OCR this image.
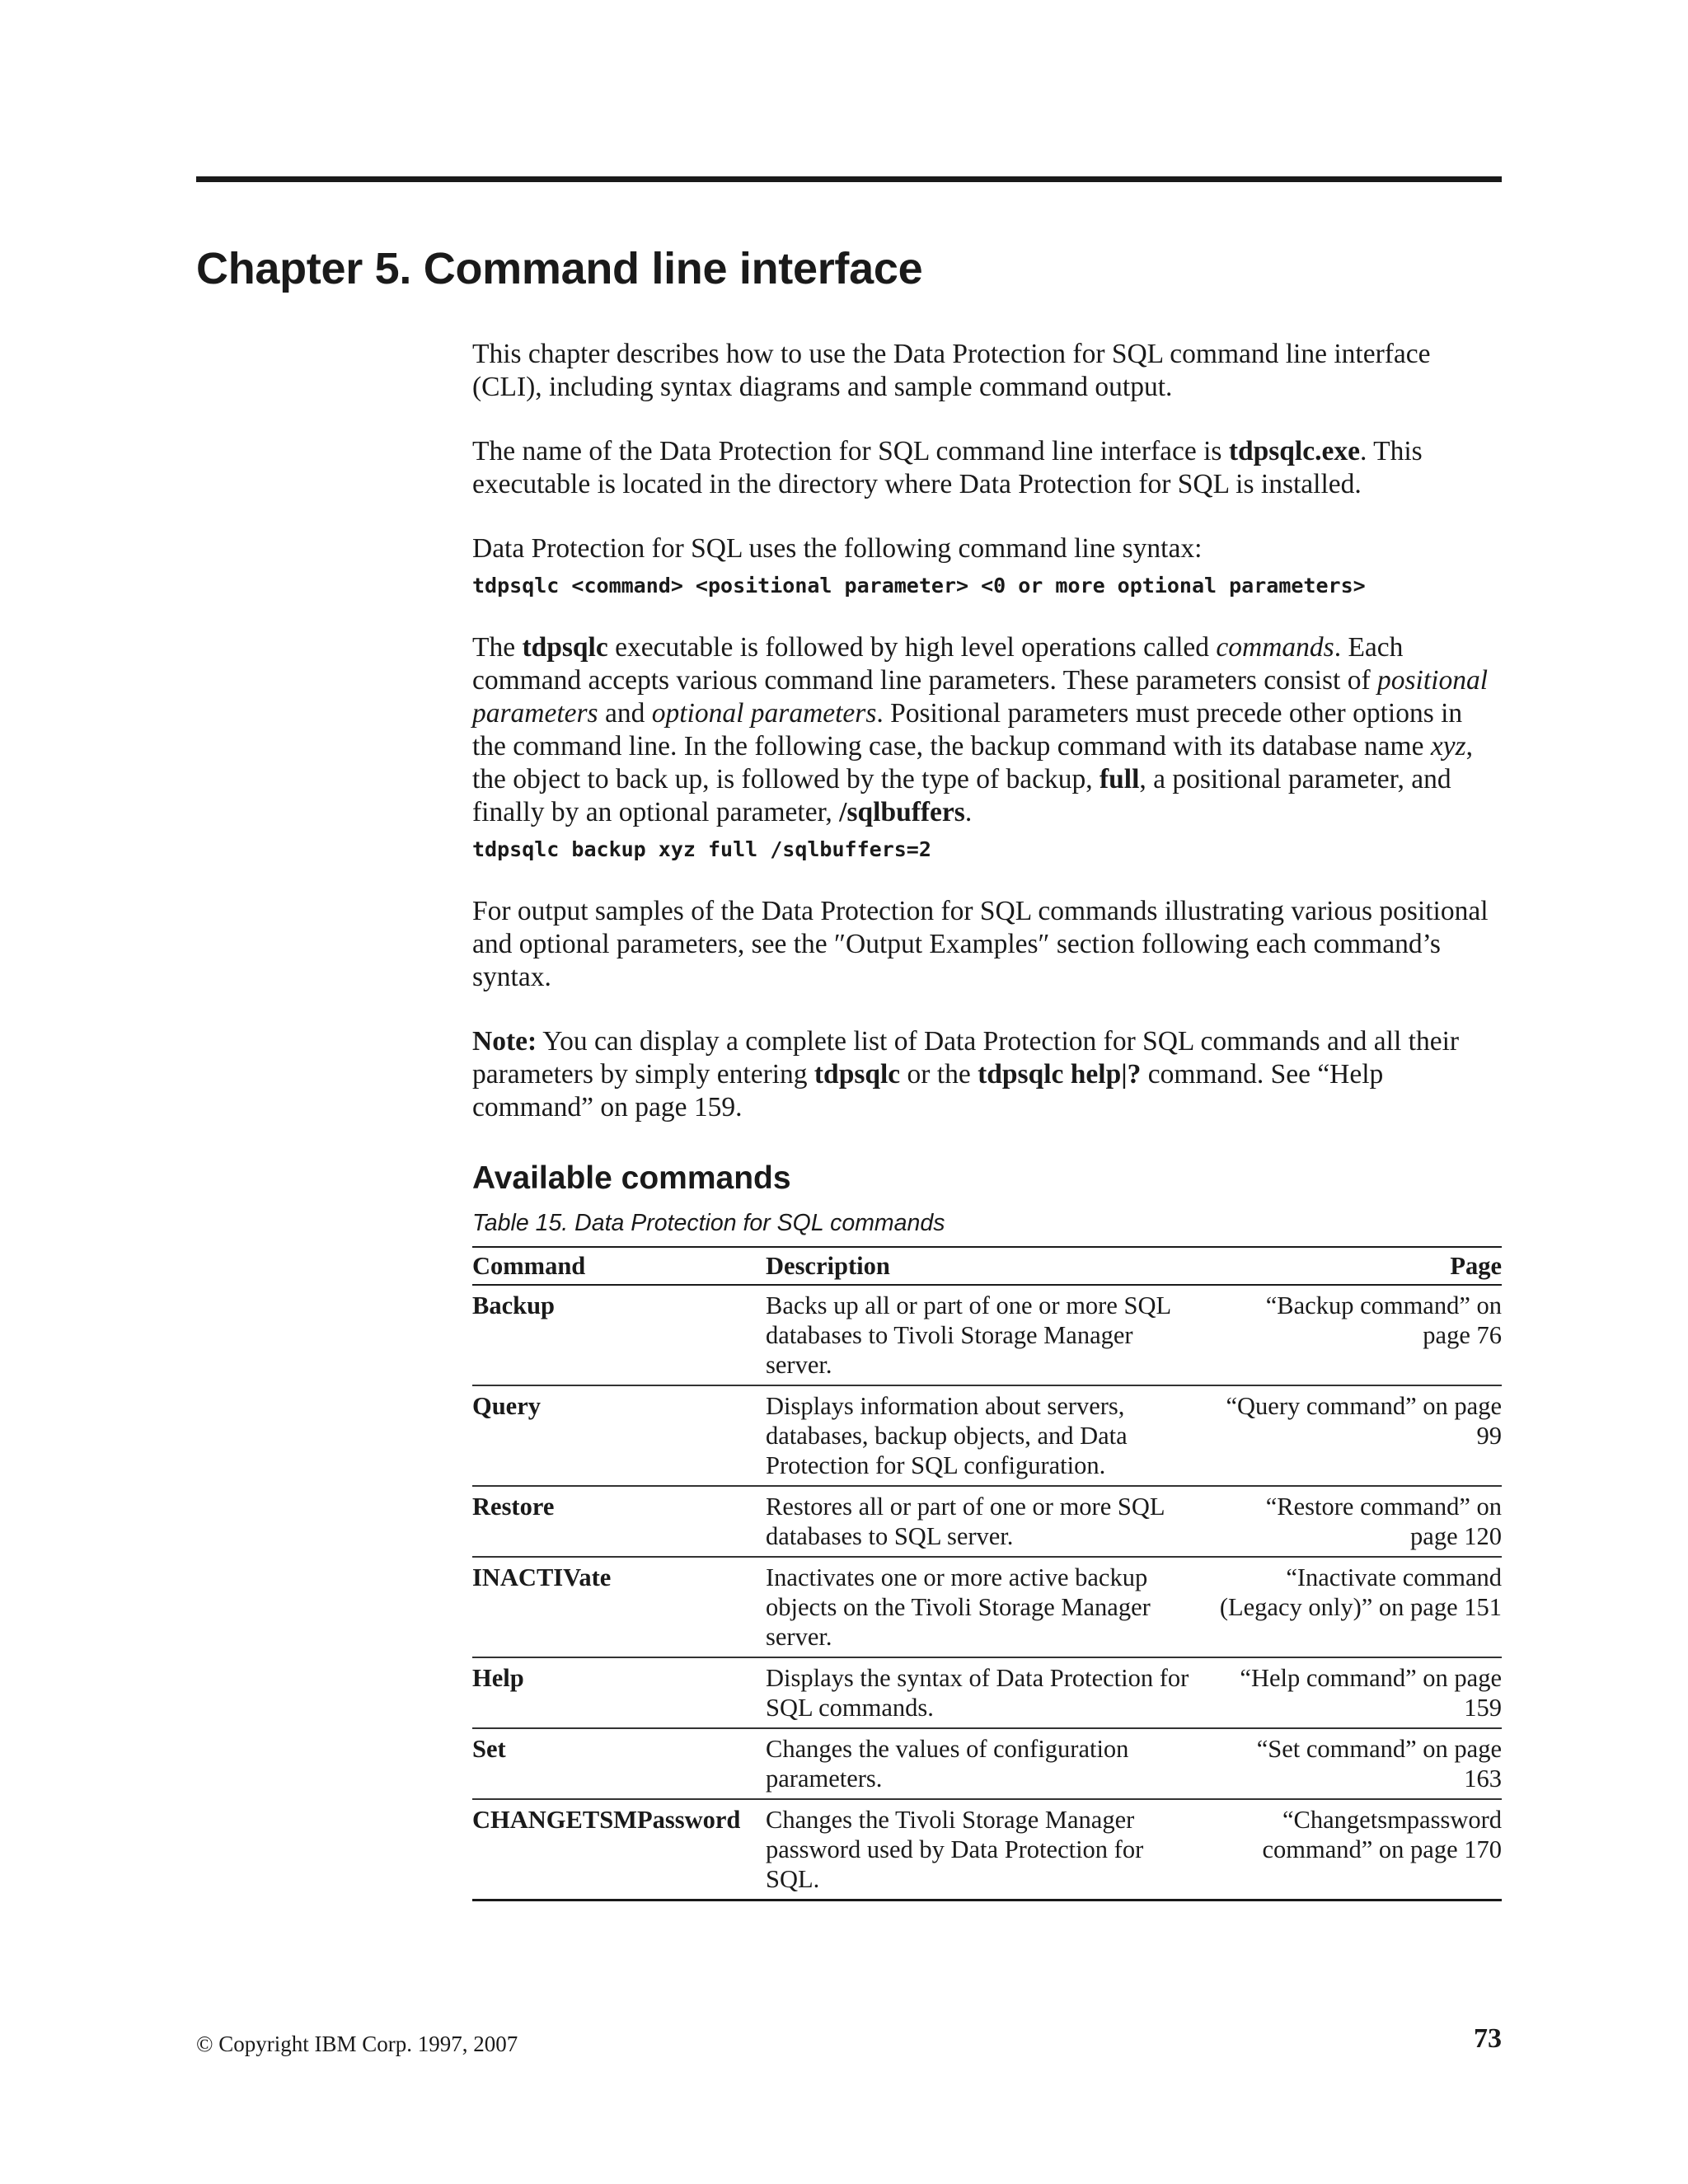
Chapter 5. Command line interface

This chapter describes how to use the Data Protection for SQL command line interface (CLI), including syntax diagrams and sample command output.

The name of the Data Protection for SQL command line interface is tdpsqlc.exe. This executable is located in the directory where Data Protection for SQL is installed.

Data Protection for SQL uses the following command line syntax:

tdpsqlc <command> <positional parameter> <0 or more optional parameters>

The tdpsqlc executable is followed by high level operations called commands. Each command accepts various command line parameters. These parameters consist of positional parameters and optional parameters. Positional parameters must precede other options in the command line. In the following case, the backup command with its database name xyz, the object to back up, is followed by the type of backup, full, a positional parameter, and finally by an optional parameter, /sqlbuffers.

tdpsqlc backup xyz full /sqlbuffers=2

For output samples of the Data Protection for SQL commands illustrating various positional and optional parameters, see the ″Output Examples″ section following each command’s syntax.

Note: You can display a complete list of Data Protection for SQL commands and all their parameters by simply entering tdpsqlc or the tdpsqlc help|? command. See “Help command” on page 159.

Available commands
Table 15. Data Protection for SQL commands
Command	Description	Page
Backup	Backs up all or part of one or more SQL databases to Tivoli Storage Manager server.	“Backup command” on page 76
Query	Displays information about servers, databases, backup objects, and Data Protection for SQL configuration.	“Query command” on page 99
Restore	Restores all or part of one or more SQL databases to SQL server.	“Restore command” on page 120
INACTIVate	Inactivates one or more active backup objects on the Tivoli Storage Manager server.	“Inactivate command (Legacy only)” on page 151
Help	Displays the syntax of Data Protection for SQL commands.	“Help command” on page 159
Set	Changes the values of configuration parameters.	“Set command” on page 163
CHANGETSMPassword	Changes the Tivoli Storage Manager password used by Data Protection for SQL.	“Changetsmpassword command” on page 170
© Copyright IBM Corp. 1997, 2007	73
